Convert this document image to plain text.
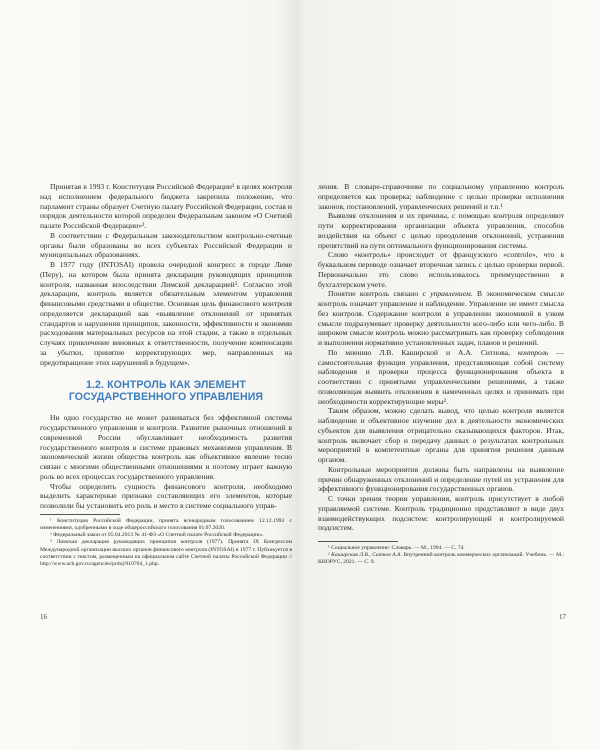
Принятая в 1993 г. Конституция Российской Федерации¹ в целях контроля над исполнением федерального бюджета закрепила положение, что парламент страны образует Счетную палату Российской Федерации, состав и порядок деятельности которой определен Федеральным законом «О Счетной палате Российской Федерации»².

В соответствии с Федеральным законодательством контрольно-счетные органы были образованы во всех субъектах Российской Федерации и муниципальных образованиях.

В 1977 году (INTOSAI) провела очередной конгресс в городе Лиме (Перу), на котором была принята декларация руководящих принципов контроля, названная впоследствии Лимской декларацией³. Согласно этой декларации, контроль является обязательным элементом управления финансовыми средствами в обществе. Основная цель финансового контроля определяется декларацией как «выявление отклонений от принятых стандартов и нарушения принципов, законности, эффективности и экономии расходования материальных ресурсов на этой стадии, а также в отдельных случаях привлечение виновных к ответственности, получение компенсации за убытки, принятие корректирующих мер, направленных на предотвращение этих нарушений в будущем».

1.2. КОНТРОЛЬ КАК ЭЛЕМЕНТ ГОСУДАРСТВЕННОГО УПРАВЛЕНИЯ

Ни одно государство не может развиваться без эффективной системы государственного управления и контроля. Развитие рыночных отношений в современной России обуславливает необходимость развития государственного контроля в системе правовых механизмов управления. В экономической жизни общества контроль как объективное явление тесно связан с многими общественными отношениями и поэтому играет важную роль во всех процессах государственного управления.

Чтобы определить сущность финансового контроля, необходимо выделить характерные признаки составляющих его элементов, которые позволили бы установить его роль и место в системе социального управ-

¹ Конституция Российской Федерации, принята всенародным голосованием 12.12.1993 с изменениями, одобренными в ходе общероссийского голосования 01.07.2020.

² Федеральный закон от 05.04.2013 № 41-ФЗ «О Счетной палате Российской Федерации».

³ Лимская декларация руководящих принципов контроля (1977). Принята IX Конгрессом Международной организации высших органов финансового контроля (INTOSAI) в 1977 г. Публикуется в соответствии с текстом, размещенным на официальном сайте Счетной палаты Российской Федерации // http://www.ach.gov.ru/agencies/prdoj/010704_1.php.

ления. В словаре-справочнике по социальному управлению контроль определяется как проверка; наблюдение с целью проверки исполнения законов, постановлений, управленческих решений и т.п.¹

Выявляя отклонения и их причины, с помощью контроля определяют пути корректирования организации объекта управления, способов воздействия на объект с целью преодоления отклонений, устранения препятствий на пути оптимального функционирования системы.

Слово «контроль» происходит от французского «controle», что в буквальном переводе означает вторичная запись с целью проверки первой. Первоначально это слово использовалось преимущественно в бухгалтерском учете.

Понятие контроль связано с управлением. В экономическом смысле контроль означает управление и наблюдение. Управление не имеет смысла без контроля. Содержание контроля в управлении экономикой в узком смысле подразумевает проверку деятельности кого-либо или чего-либо. В широком смысле контроль можно рассматривать как проверку соблюдения и выполнения нормативно установленных задач, планов и решений.

По мнению Л.В. Каширской и А.А. Ситнова, контроль — самостоятельная функция управления, представляющая собой систему наблюдения и проверки процесса функционирования объекта в соответствии с принятыми управленческими решениями, а также позволяющая выявить отклонения в намеченных целях и принимать при необходимости корректирующие меры².

Таким образом, можно сделать вывод, что целью контроля является наблюдение и объективное изучение дел в деятельности экономических субъектов для выявления отрицательно сказывающихся факторов. Итак, контроль включает сбор и передачу данных о результатах контрольных мероприятий в компетентные органы для принятия решения данным органом.

Контрольные мероприятия должны быть направлены на выявление причин обнаруженных отклонений и определение путей их устранения для эффективного функционирования государственных органов.

С точки зрения теории управления, контроль присутствует в любой управляемой системе. Контроль традиционно представляют в виде двух взаимодействующих подсистем: контролирующей и контролируемой подсистем.

¹ Социальное управление: Словарь. — М., 1994. — С. 74.

² Каширская Л.В., Ситнов А.А. Внутренний контроль коммерческих организаций. Учебник. — М.: КНОРУС, 2021. — С. 9.

16	17
